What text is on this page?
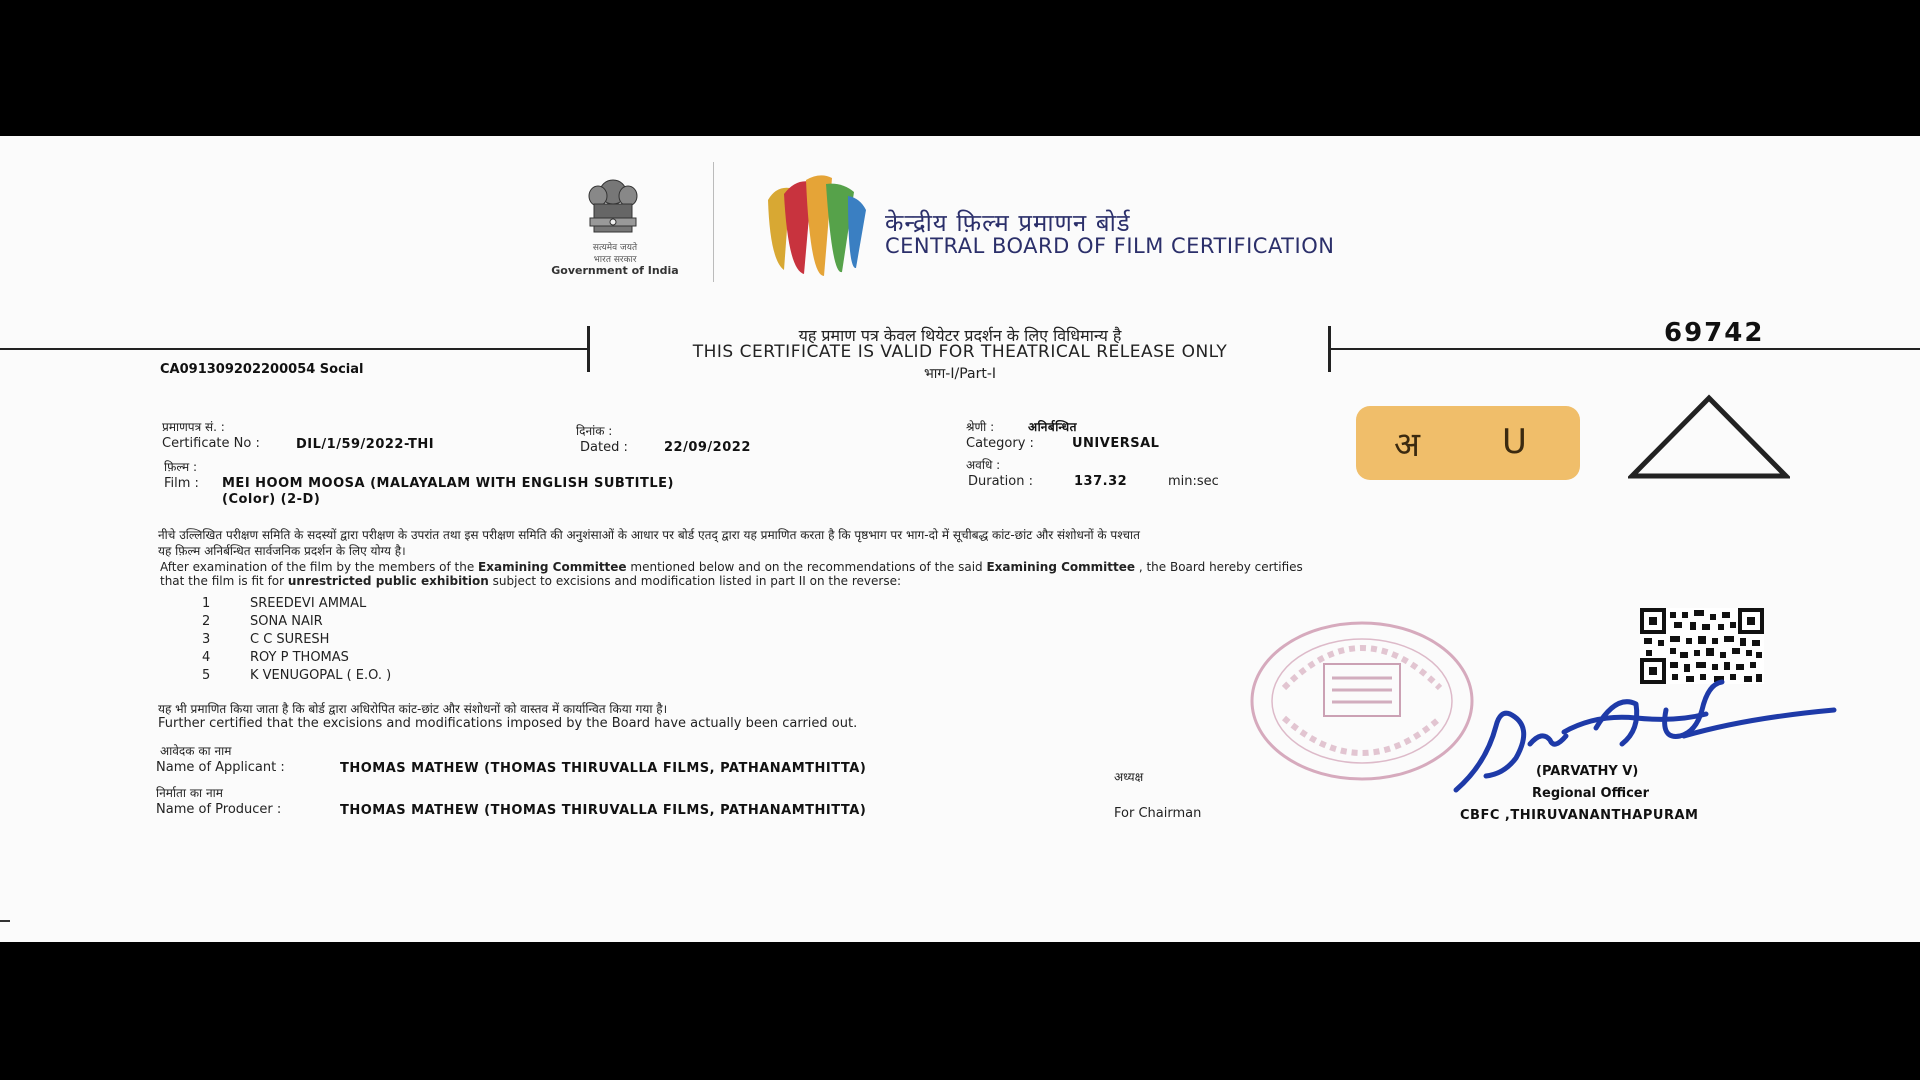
सत्यमेव जयते
भारत सरकार
Government of India
केन्द्रीय फ़िल्म प्रमाणन बोर्ड
CENTRAL BOARD OF FILM CERTIFICATION
यह प्रमाण पत्र केवल थियेटर प्रदर्शन के लिए विधिमान्य है
THIS CERTIFICATE IS VALID FOR THEATRICAL RELEASE ONLY
भाग-I/Part-I
69742
CA091309202200054 Social
प्रमाणपत्र सं. :
Certificate No :	DIL/1/59/2022-THI
दिनांक :
Dated :	22/09/2022
श्रेणी :	अनिर्बन्धित
Category :	UNIVERSAL
अवधि :
Duration :	137.32	min:sec
फ़िल्म :
Film : MEI HOOM MOOSA (MALAYALAM WITH ENGLISH SUBTITLE)
(Color) (2-D)
अ U
नीचे उल्लिखित परीक्षण समिति के सदस्यों द्वारा परीक्षण के उपरांत तथा इस परीक्षण समिति की अनुशंसाओं के आधार पर बोर्ड एतद् द्वारा यह प्रमाणित करता है कि पृष्ठभाग पर भाग-दो में सूचीबद्ध कांट-छांट और संशोधनों के पश्चात
यह फ़िल्म अनिर्बन्धित सार्वजनिक प्रदर्शन के लिए योग्य है।
After examination of the film by the members of the Examining Committee mentioned below and on the recommendations of the said Examining Committee , the Board hereby certifies
that the film is fit for unrestricted public exhibition subject to excisions and modification listed in part II on the reverse:
1	SREEDEVI AMMAL
2	SONA NAIR
3	C C SURESH
4	ROY P THOMAS
5	K VENUGOPAL ( E.O. )
यह भी प्रमाणित किया जाता है कि बोर्ड द्वारा अधिरोपित कांट-छांट और संशोधनों को वास्तव में कार्यान्वित किया गया है।
Further certified that the excisions and modifications imposed by the Board have actually been carried out.
आवेदक का नाम
Name of Applicant :	THOMAS MATHEW (THOMAS THIRUVALLA FILMS, PATHANAMTHITTA)
निर्माता का नाम
Name of Producer :	THOMAS MATHEW (THOMAS THIRUVALLA FILMS, PATHANAMTHITTA)
अध्यक्ष
For Chairman
(PARVATHY V)
Regional Officer
CBFC ,THIRUVANANTHAPURAM
